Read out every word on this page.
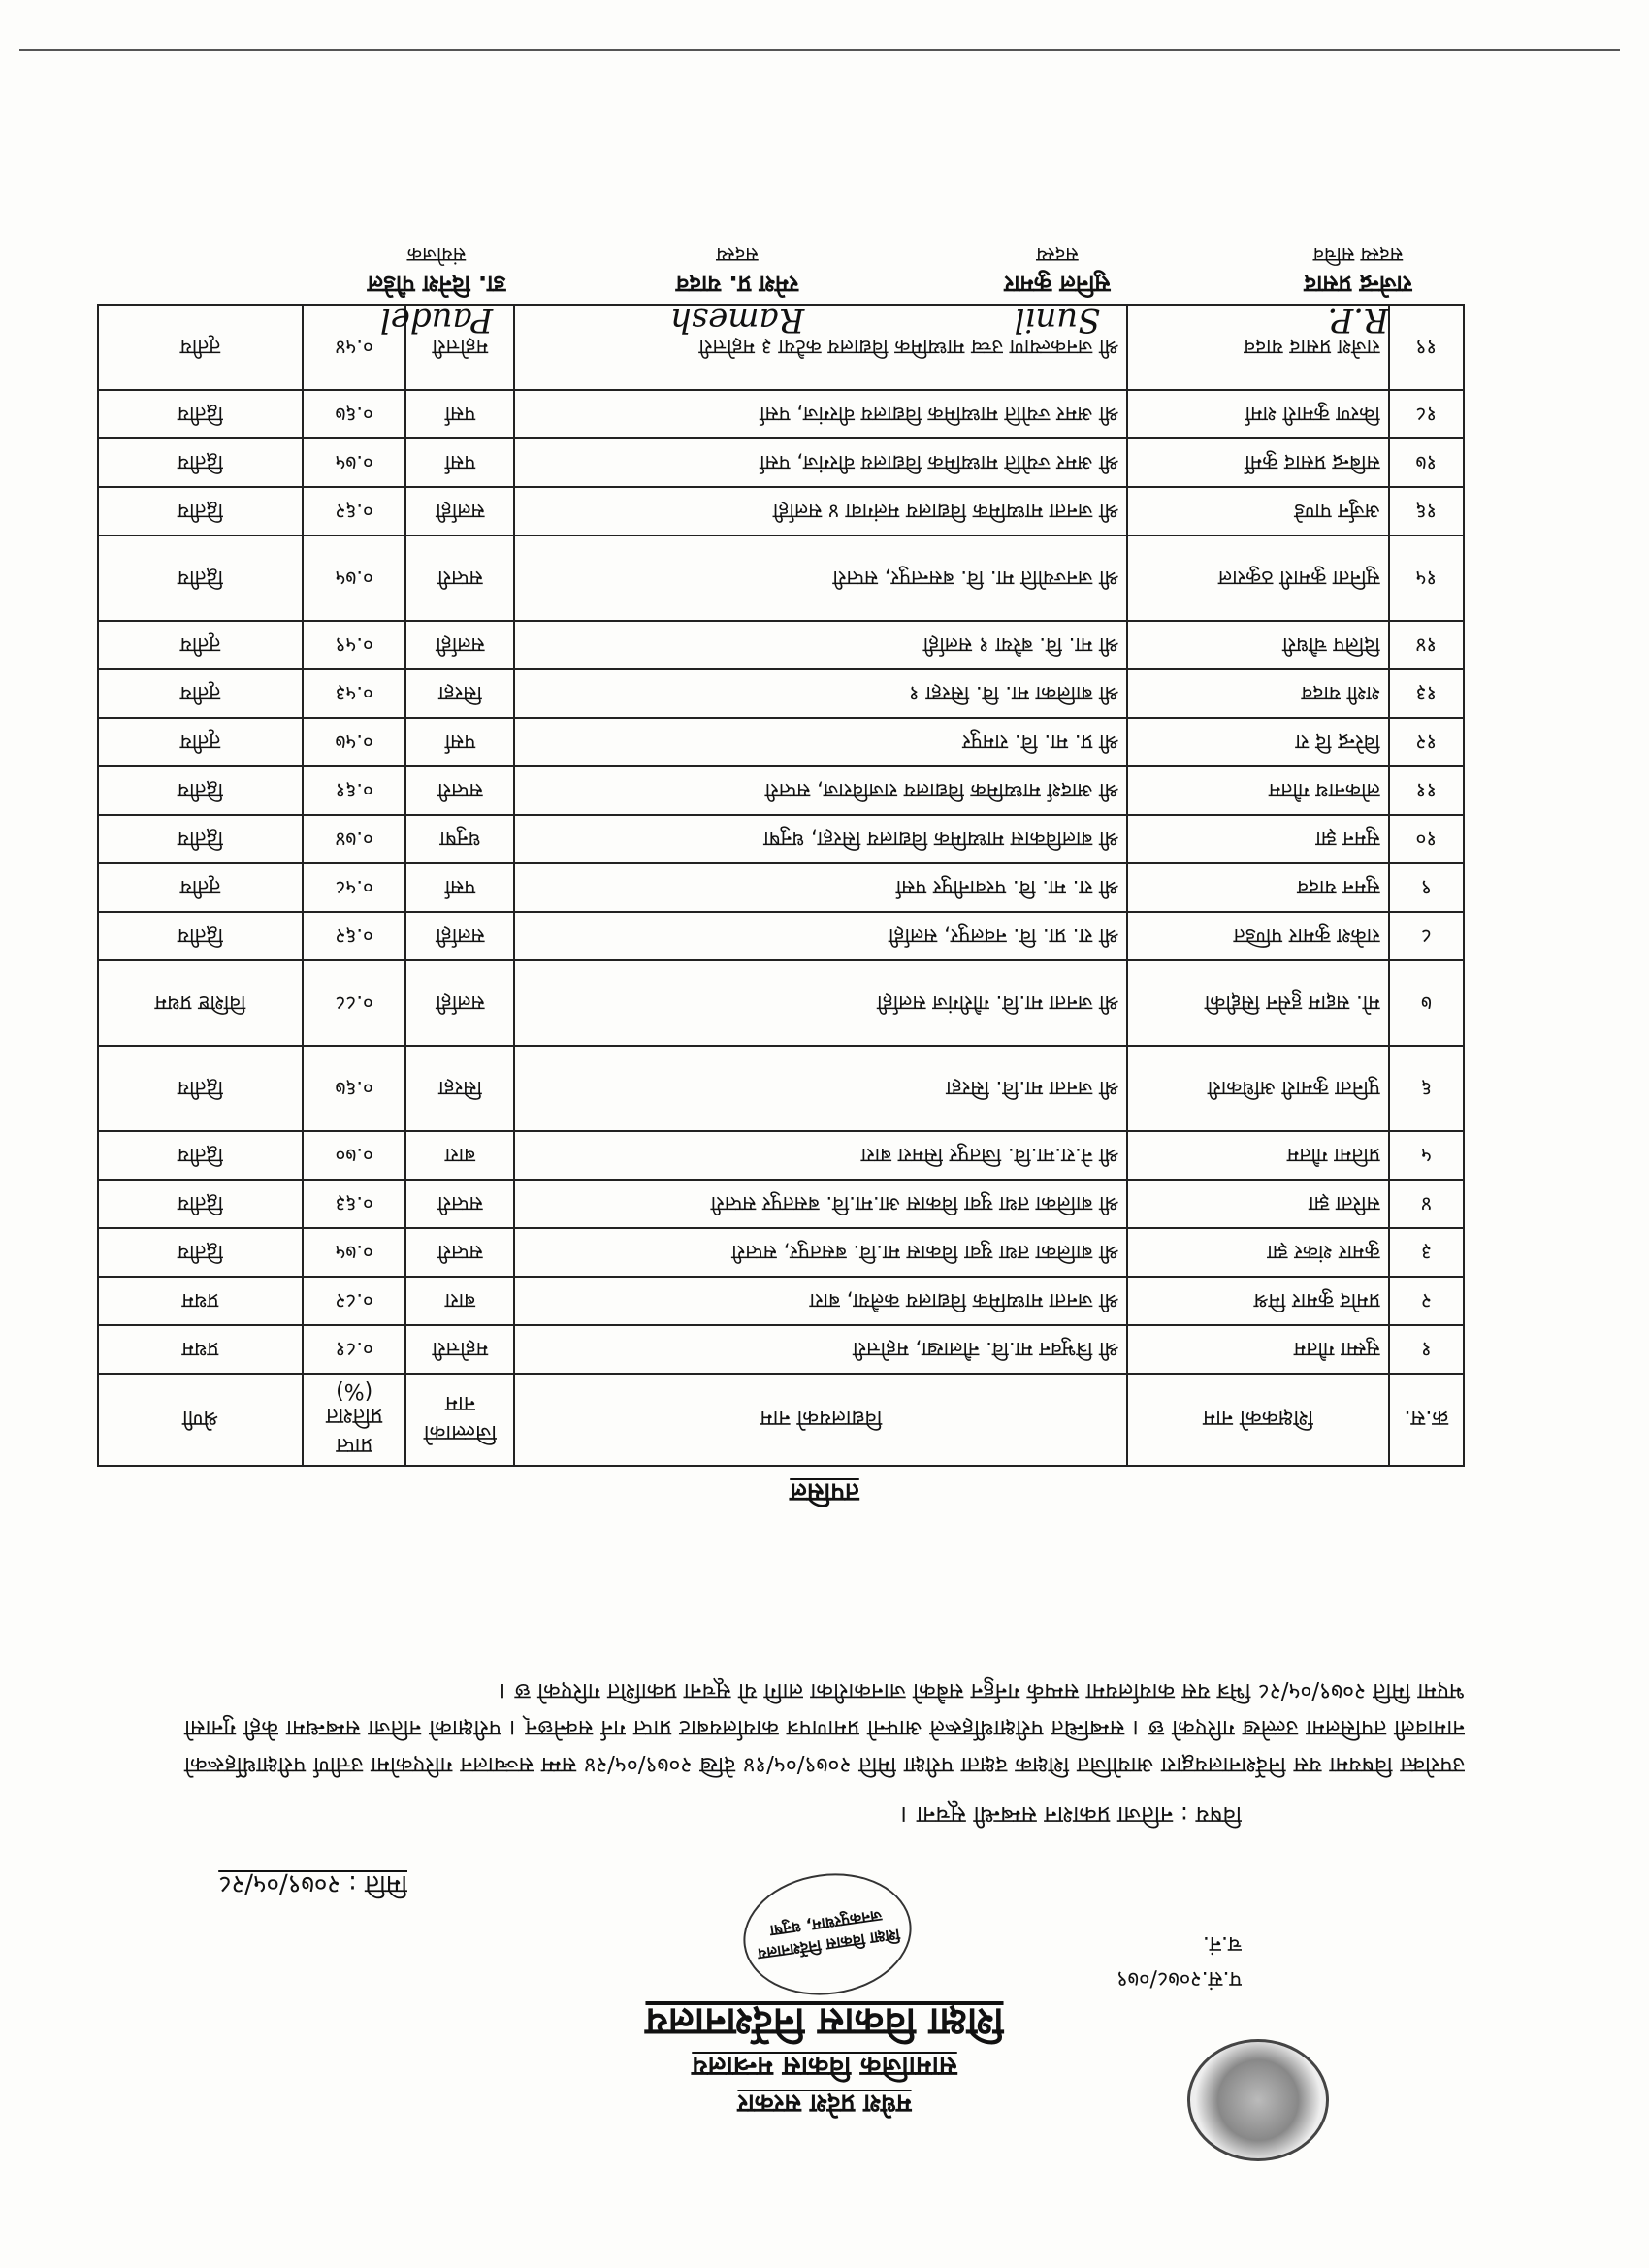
मधेश प्रदेश सरकार
सामाजिक विकास मन्त्रालय
शिक्षा विकास निर्देशनालय
शिक्षा विकास निर्देशनालय जनकपुरधाम, धनुषा
प.सं.२०७८/०७९
च.नं.
मिति : २०७९/०५/२८
विषय : नतिजा प्रकाशन सम्बन्धी सूचना ।
उपरोक्त विषयमा यस निर्देशनालयद्वारा आयोजित शिक्षक दक्षता परीक्षा मिति २०७९/०५/१४ देखि २०७९/०५/२४ सम्म सञ्चालन गरिएकोमा उत्तीर्ण परीक्षार्थीहरूको नामावली तपसिलमा उल्लेख गरिएको छ । सम्बन्धित परीक्षार्थीहरूले आफ्नो प्रमाणपत्र कार्यालयबाट प्राप्त गर्न सक्नेछन् । परीक्षाको नतिजा सम्बन्धमा केही गुनासो भएमा मिति २०७९/०५/२८ भित्र यस कार्यालयमा सम्पर्क गर्नहुन सबैको जानकारीका लागि यो सूचना प्रकाशित गरिएको छ ।
तपसिल
क्र.स.	शिक्षकको नाम	विद्यालयको नाम	जिल्लाको नाम	प्राप्त प्रतिशत (%)	श्रेणी
१	सुस्मा गौतम	श्री त्रिभुवन मा.वि. नौलाखा, महोत्तरी	महोत्तरी	०.८१	प्रथम
२	प्रमोद कुमार मिश्र	श्री जनता माध्यमिक विद्यालय कलैया, बारा	बारा	०.८२	प्रथम
३	कुमार शंकर झा	श्री बालिका तथा युवा विकास मा.वि. बसतपुर, सप्तरी	सप्तरी	०.७५	द्वितीय
४	सरिता झा	श्री बालिका तथा युवा विकास आ.मा.वि. बसतपुर सप्तरी	सप्तरी	०.६३	द्वितीय
५	प्रतिमा गौतम	श्री ने.रा.मा.वि. जितपुर सिमरा बारा	बारा	०.७०	द्वितीय
६	पुनिता कुमारी अधिकारी	श्री जनता मा.वि. सिरहा	सिरहा	०.६७	द्वितीय
७	मो. सद्दाम हुसेन सिद्दीकी	श्री जनता मा.वि. गौरीगंज सर्लाही	सर्लाही	०.८८	विशिष्ट प्रथम
८	राकेश कुमार पण्डित	श्री रा. प्रा. वि. नवलपुर, सर्लाही	सर्लाही	०.६२	द्वितीय
९	सुमन यादव	श्री रा. मा. वि. परवानीपुर पर्सा	पर्सा	०.५८	तृतीय
१०	सुमन झा	श्री बालविकास माध्यमिक विद्यालय सिरहा, धनुषा	धनुषा	०.७४	द्वितीय
११	लोकनाथ गौतम	श्री आदर्श माध्यमिक विद्यालय राजविराज, सप्तरी	सप्तरी	०.६१	द्वितीय
१२	विरेन्द्र दि रा	श्री प्र. मा. वि. रामपुर	पर्सा	०.५७	तृतीय
१३	शशी यादव	श्री बालिका मा. वि. सिरहा १	सिरहा	०.५३	तृतीय
१४	दिलिप चौधरी	श्री मा. वि. बरैया १ सर्लाही	सर्लाही	०.५९	तृतीय
१५	सुनिता कुमारी ठकुराल	श्री जनज्योति मा. वि. बसन्तपुर, सप्तरी	सप्तरी	०.७५	द्वितीय
१६	अर्जुन पाण्डे	श्री जनता माध्यमिक विद्यालय मलंगवा ४ सर्लाही	सर्लाही	०.६२	द्वितीय
१७	सबिन्द्र प्रसाद कुर्मी	श्री अमर ज्योति माध्यमिक विद्यालय वीरगंज, पर्सा	पर्सा	०.७५	द्वितीय
१८	किरण कुमारी शर्मा	श्री अमर ज्योति माध्यमिक विद्यालय वीरगंज, पर्सा	पर्सा	०.६७	द्वितीय
१९	राजेश प्रसाद यादव	श्री जनकल्याण उच्च माध्यमिक विद्यालय कटैया ३ महोत्तरी	महोत्तरी	०.५४	तृतीय
R.P.
राजेन्द्र प्रसाद
सदस्य सचिव
Sunil
सुनिल कुमार
सदस्य
Ramesh
रमेश प्र. यादव
सदस्य
Paudel
डा. दिनेश पौडेल
संयोजक
